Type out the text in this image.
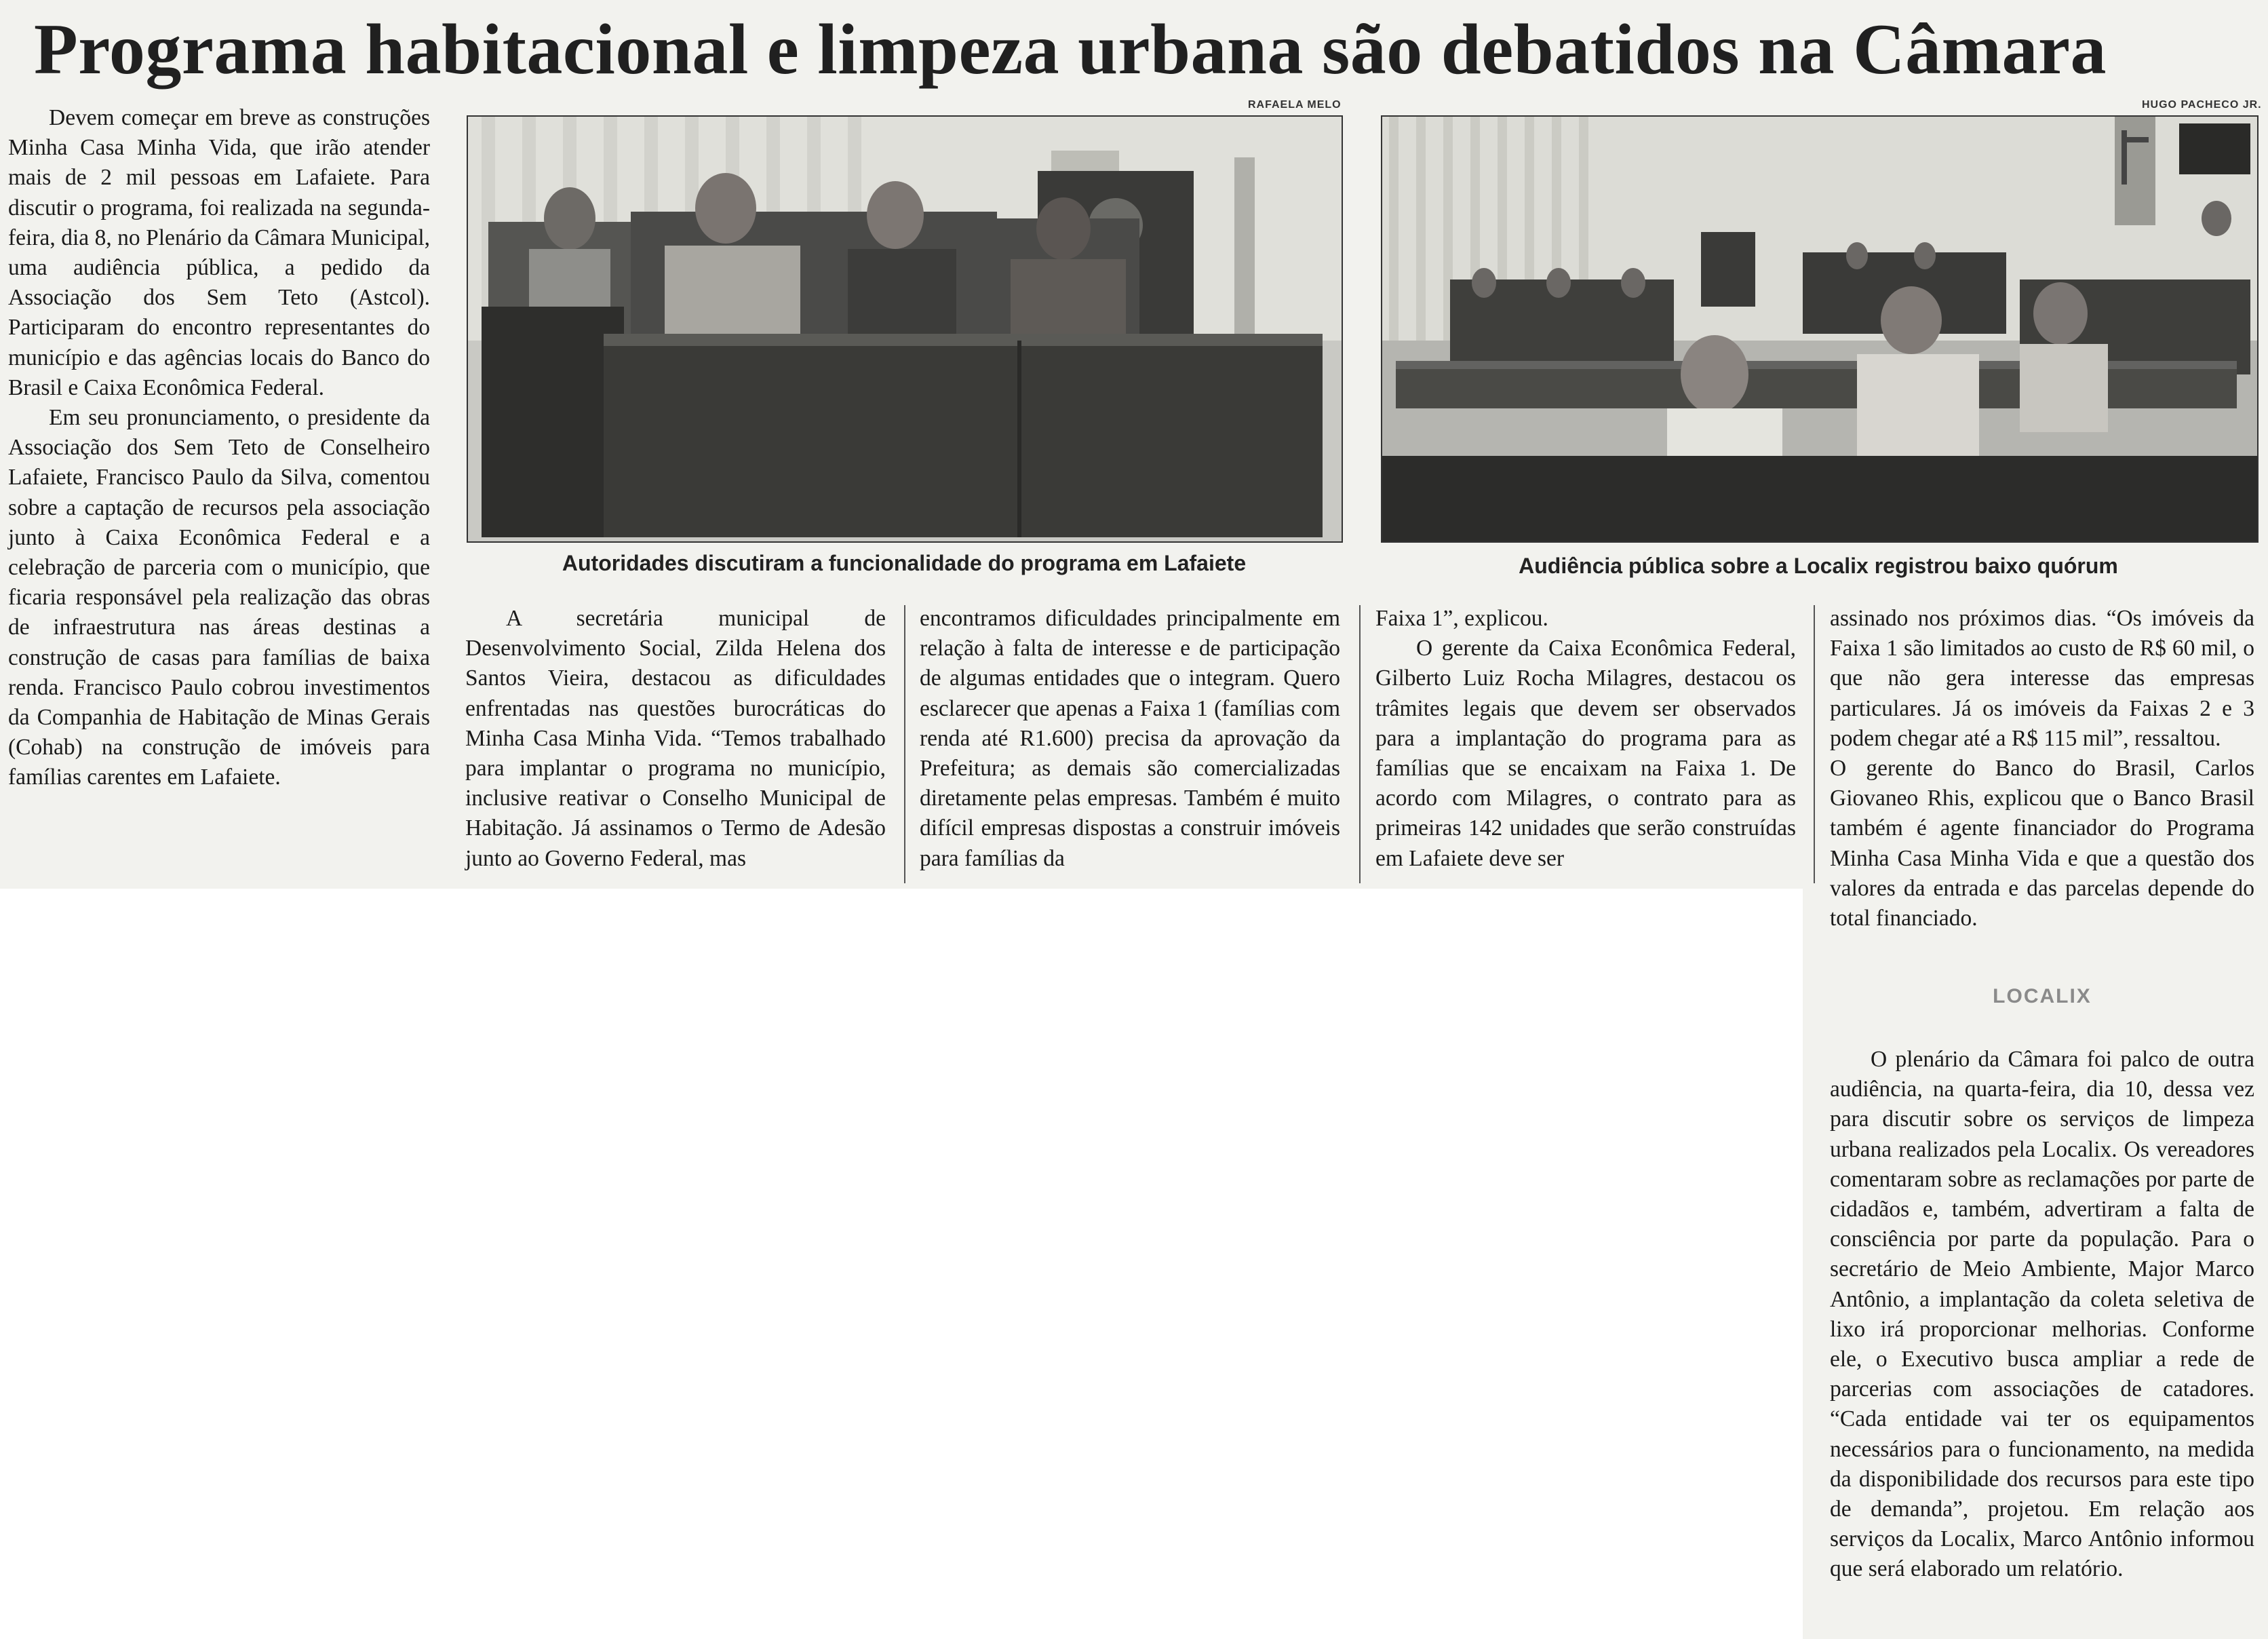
Programa habitacional e limpeza urbana são debatidos na Câmara

Devem começar em breve as construções Minha Casa Minha Vida, que irão atender mais de 2 mil pessoas em Lafaiete. Para discutir o programa, foi realizada na segunda-feira, dia 8, no Plenário da Câmara Municipal, uma audiência pública, a pedido da Associação dos Sem Teto (Astcol). Participaram do encontro representantes do município e das agências locais do Banco do Brasil e Caixa Econômica Federal.

Em seu pronunciamento, o presidente da Associação dos Sem Teto de Conselheiro Lafaiete, Francisco Paulo da Silva, comentou sobre a captação de recursos pela associação junto à Caixa Econômica Federal e a celebração de parceria com o município, que ficaria responsável pela realização das obras de infraestrutura nas áreas destinas a construção de casas para famílias de baixa renda. Francisco Paulo cobrou investimentos da Companhia de Habitação de Minas Gerais (Cohab) na construção de imóveis para famílias carentes em Lafaiete.

RAFAELA MELO
Autoridades discutiram a funcionalidade do programa em Lafaiete
HUGO PACHECO JR.
Audiência pública sobre a Localix registrou baixo quórum

A secretária municipal de Desenvolvimento Social, Zilda Helena dos Santos Vieira, destacou as dificuldades enfrentadas nas questões burocráticas do Minha Casa Minha Vida. “Temos trabalhado para implantar o programa no município, inclusive reativar o Conselho Municipal de Habitação. Já assinamos o Termo de Adesão junto ao Governo Federal, mas

encontramos dificuldades principalmente em relação à falta de interesse e de participação de algumas entidades que o integram. Quero esclarecer que apenas a Faixa 1 (famílias com renda até R1.600) precisa da aprovação da Prefeitura; as demais são comercializadas diretamente pelas empresas. Também é muito difícil empresas dispostas a construir imóveis para famílias da

Faixa 1”, explicou.

O gerente da Caixa Econômica Federal, Gilberto Luiz Rocha Milagres, destacou os trâmites legais que devem ser observados para a implantação do programa para as famílias que se encaixam na Faixa 1. De acordo com Milagres, o contrato para as primeiras 142 unidades que serão construídas em Lafaiete deve ser

assinado nos próximos dias. “Os imóveis da Faixa 1 são limitados ao custo de R$ 60 mil, o que não gera interesse das empresas particulares. Já os imóveis da Faixas 2 e 3 podem chegar até a R$ 115 mil”, ressaltou.

O gerente do Banco do Brasil, Carlos Giovaneo Rhis, explicou que o Banco Brasil também é agente financiador do Programa Minha Casa Minha Vida e que a questão dos valores da entrada e das parcelas depende do total financiado.

LOCALIX

O plenário da Câmara foi palco de outra audiência, na quarta-feira, dia 10, dessa vez para discutir sobre os serviços de limpeza urbana realizados pela Localix. Os vereadores comentaram sobre as reclamações por parte de cidadãos e, também, advertiram a falta de consciência por parte da população. Para o secretário de Meio Ambiente, Major Marco Antônio, a implantação da coleta seletiva de lixo irá proporcionar melhorias. Conforme ele, o Executivo busca ampliar a rede de parcerias com associações de catadores. “Cada entidade vai ter os equipamentos necessários para o funcionamento, na medida da disponibilidade dos recursos para este tipo de demanda”, projetou. Em relação aos serviços da Localix, Marco Antônio informou que será elaborado um relatório.
